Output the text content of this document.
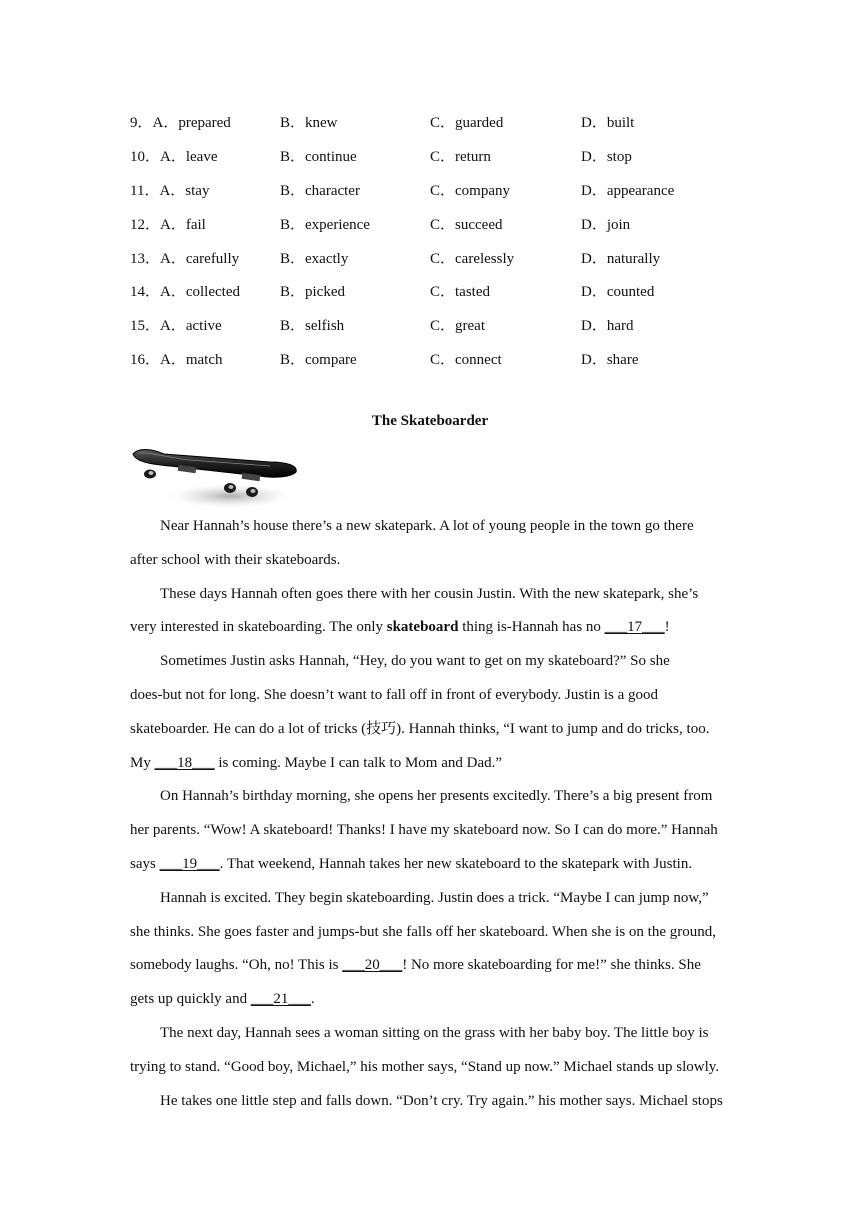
9．A．prepared	B．knew	C．guarded	D．built
10．A．leave	B．continue	C．return	D．stop
11．A．stay	B．character	C．company	D．appearance
12．A．fail	B．experience	C．succeed	D．join
13．A．carefully	B．exactly	C．carelessly	D．naturally
14．A．collected	B．picked	C．tasted	D．counted
15．A．active	B．selfish	C．great	D．hard
16．A．match	B．compare	C．connect	D．share
The Skateboarder
Near Hannah’s house there’s a new skatepark. A lot of young people in the town go there
after school with their skateboards.
These days Hannah often goes there with her cousin Justin. With the new skatepark, she’s
very interested in skateboarding. The only skateboard thing is-Hannah has no ___17___!
Sometimes Justin asks Hannah, “Hey, do you want to get on my skateboard?” So she
does-but not for long. She doesn’t want to fall off in front of everybody. Justin is a good
skateboarder. He can do a lot of tricks (技巧). Hannah thinks, “I want to jump and do tricks, too.
My ___18___ is coming. Maybe I can talk to Mom and Dad.”
On Hannah’s birthday morning, she opens her presents excitedly. There’s a big present from
her parents. “Wow! A skateboard! Thanks! I have my skateboard now. So I can do more.” Hannah
says ___19___. That weekend, Hannah takes her new skateboard to the skatepark with Justin.
Hannah is excited. They begin skateboarding. Justin does a trick. “Maybe I can jump now,”
she thinks. She goes faster and jumps-but she falls off her skateboard. When she is on the ground,
somebody laughs. “Oh, no! This is ___20___! No more skateboarding for me!” she thinks. She
gets up quickly and ___21___.
The next day, Hannah sees a woman sitting on the grass with her baby boy. The little boy is
trying to stand. “Good boy, Michael,” his mother says, “Stand up now.” Michael stands up slowly.
He takes one little step and falls down. “Don’t cry. Try again.” his mother says. Michael stops
